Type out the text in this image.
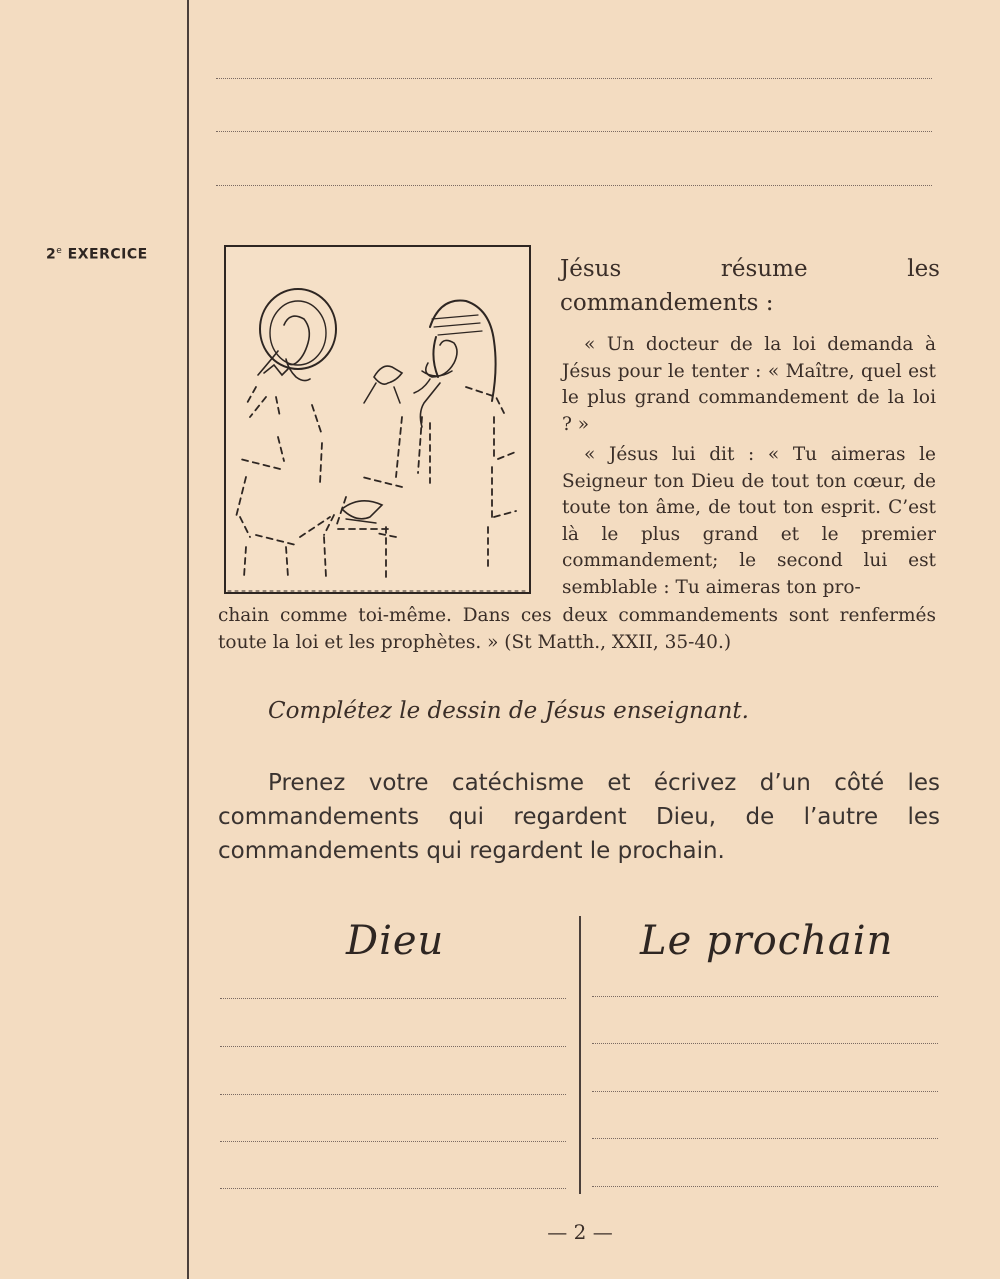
2e EXERCICE
Jésus résume les commandements :
« Un docteur de la loi demanda à Jésus pour le tenter : « Maître, quel est le plus grand commandement de la loi ? »
« Jésus lui dit : « Tu aimeras le Seigneur ton Dieu de tout ton cœur, de toute ton âme, de tout ton esprit. C’est là le plus grand et le premier commandement; le second lui est semblable : Tu aimeras ton pro-
chain comme toi-même. Dans ces deux commandements sont renfermés toute la loi et les prophètes. » (St Matth., XXII, 35-40.)
Complétez le dessin de Jésus enseignant.
Prenez votre catéchisme et écrivez d’un côté les commandements qui regardent Dieu, de l’autre les commandements qui regardent le prochain.
Dieu	Le prochain
— 2 —
